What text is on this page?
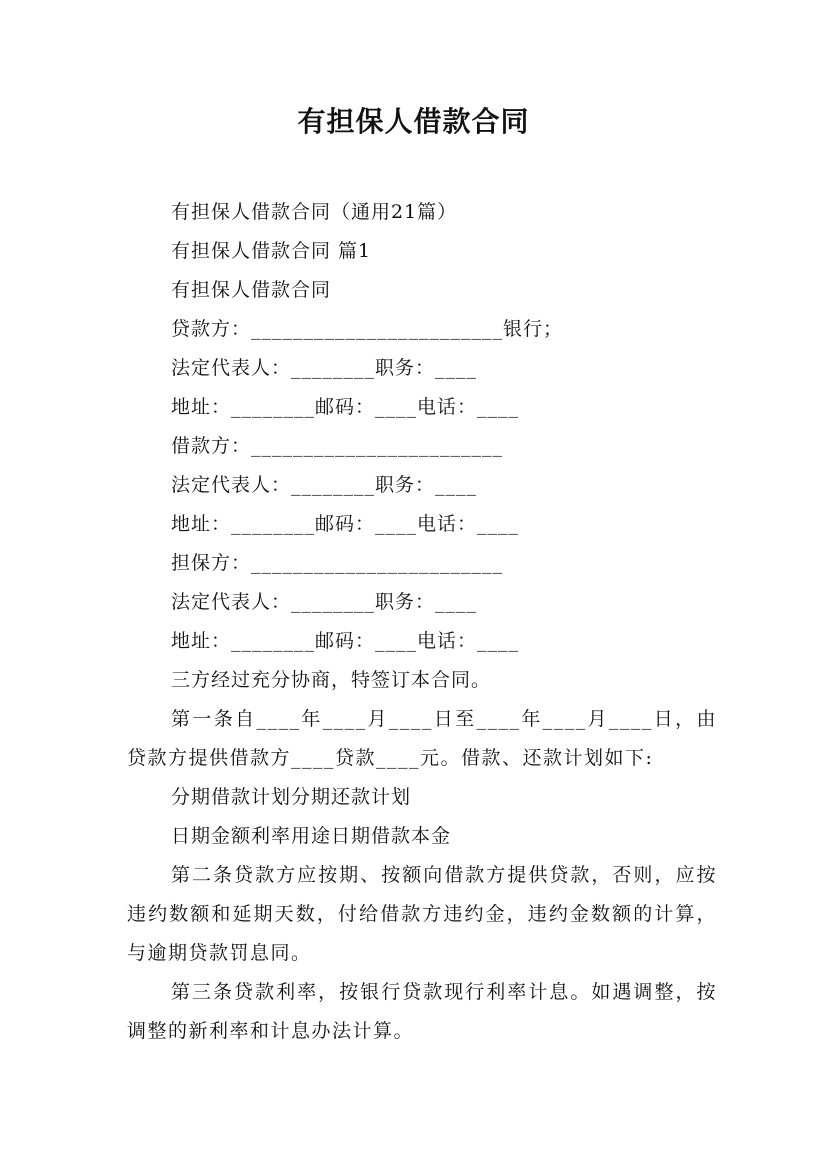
有担保人借款合同
有担保人借款合同（通用21篇）
有担保人借款合同 篇1
有担保人借款合同
贷款方：________________________银行；
法定代表人：________职务：____
地址：________邮码：____电话：____
借款方：________________________
法定代表人：________职务：____
地址：________邮码：____电话：____
担保方：________________________
法定代表人：________职务：____
地址：________邮码：____电话：____
三方经过充分协商，特签订本合同。
第一条自____年____月____日至____年____月____日，由贷款方提供借款方____贷款____元。借款、还款计划如下:
分期借款计划分期还款计划
日期金额利率用途日期借款本金
第二条贷款方应按期、按额向借款方提供贷款，否则，应按违约数额和延期天数，付给借款方违约金，违约金数额的计算，与逾期贷款罚息同。
第三条贷款利率，按银行贷款现行利率计息。如遇调整，按调整的新利率和计息办法计算。
